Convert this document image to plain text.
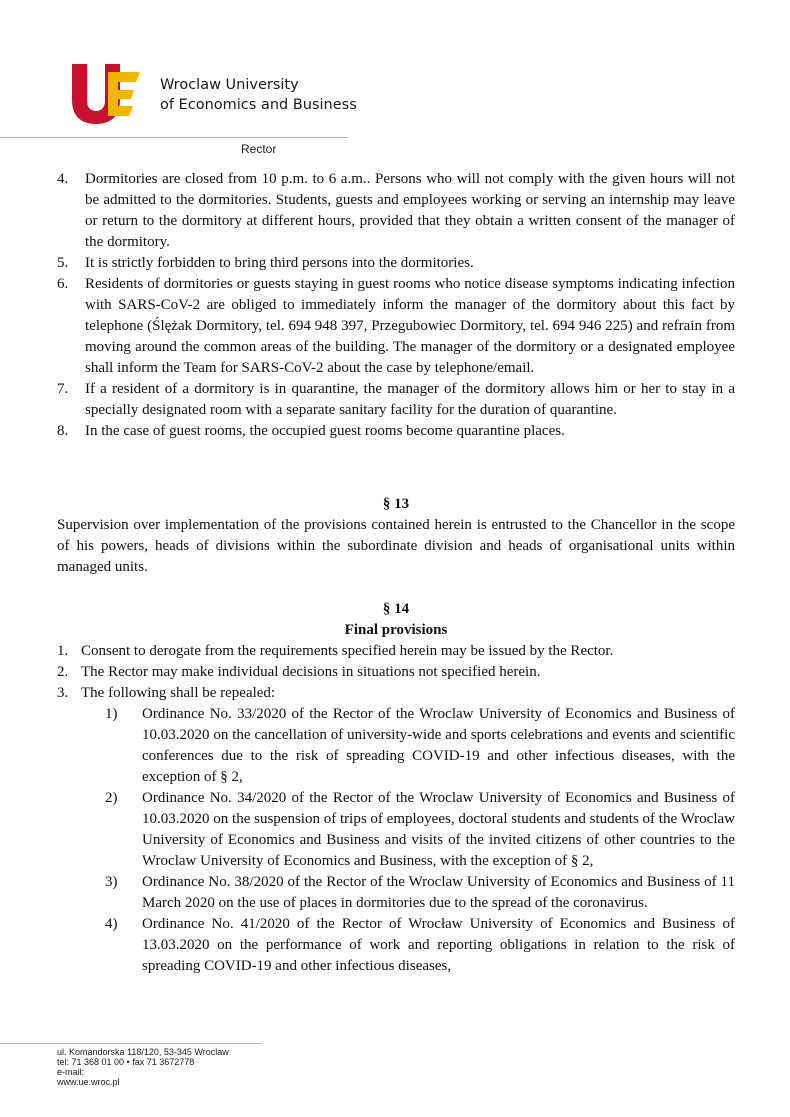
Wroclaw University
of Economics and Business
Rector
4. Dormitories are closed from 10 p.m. to 6 a.m.. Persons who will not comply with the given hours will not be admitted to the dormitories. Students, guests and employees working or serving an internship may leave or return to the dormitory at different hours, provided that they obtain a written consent of the manager of the dormitory.
5. It is strictly forbidden to bring third persons into the dormitories.
6. Residents of dormitories or guests staying in guest rooms who notice disease symptoms indicating infection with SARS-CoV-2 are obliged to immediately inform the manager of the dormitory about this fact by telephone (Ślężak Dormitory, tel. 694 948 397, Przegubowiec Dormitory, tel. 694 946 225) and refrain from moving around the common areas of the building. The manager of the dormitory or a designated employee shall inform the Team for SARS-CoV-2 about the case by telephone/email.
7. If a resident of a dormitory is in quarantine, the manager of the dormitory allows him or her to stay in a specially designated room with a separate sanitary facility for the duration of quarantine.
8. In the case of guest rooms, the occupied guest rooms become quarantine places.
§ 13

Supervision over implementation of the provisions contained herein is entrusted to the Chancellor in the scope of his powers, heads of divisions within the subordinate division and heads of organisational units within managed units.

§ 14
Final provisions
1. Consent to derogate from the requirements specified herein may be issued by the Rector.
2. The Rector may make individual decisions in situations not specified herein.
3. The following shall be repealed:
1) Ordinance No. 33/2020 of the Rector of the Wroclaw University of Economics and Business of 10.03.2020 on the cancellation of university-wide and sports celebrations and events and scientific conferences due to the risk of spreading COVID-19 and other infectious diseases, with the exception of § 2,
2) Ordinance No. 34/2020 of the Rector of the Wroclaw University of Economics and Business of 10.03.2020 on the suspension of trips of employees, doctoral students and students of the Wroclaw University of Economics and Business and visits of the invited citizens of other countries to the Wroclaw University of Economics and Business, with the exception of § 2,
3) Ordinance No. 38/2020 of the Rector of the Wroclaw University of Economics and Business of 11 March 2020 on the use of places in dormitories due to the spread of the coronavirus.
4) Ordinance No. 41/2020 of the Rector of Wrocław University of Economics and Business of 13.03.2020 on the performance of work and reporting obligations in relation to the risk of spreading COVID-19 and other infectious diseases,
ul. Komandorska 118/120, 53-345 Wroclaw
tel: 71 368 01 00 • fax 71 3672778
e-mail:
www.ue.wroc.pl
